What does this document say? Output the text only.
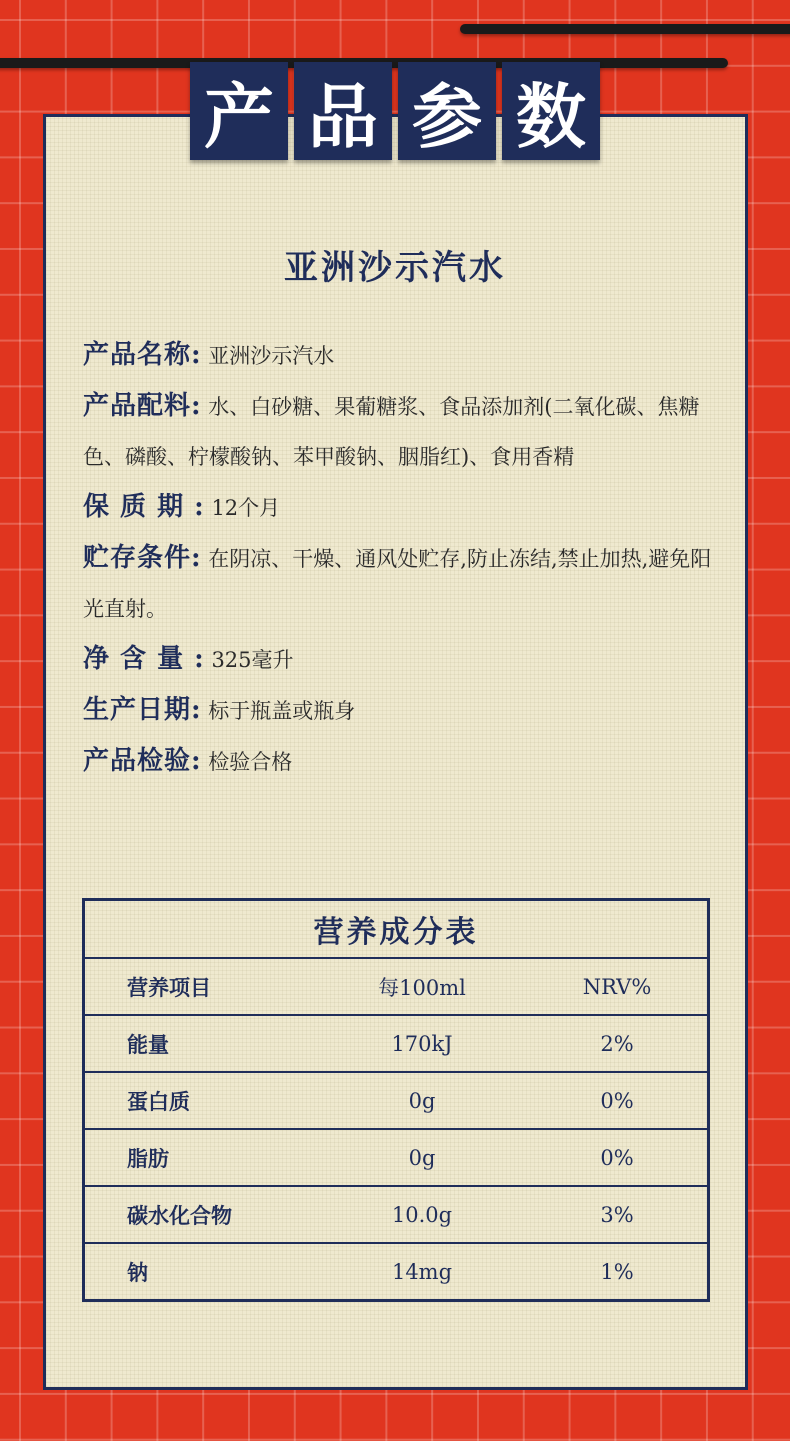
产 品 参 数
亚洲沙示汽水

产品名称: 亚洲沙示汽水

产品配料: 水、白砂糖、果葡糖浆、食品添加剂(二氧化碳、焦糖色、磷酸、柠檬酸钠、苯甲酸钠、胭脂红)、食用香精

保 质 期 : 12个月

贮存条件: 在阴凉、干燥、通风处贮存,防止冻结,禁止加热,避免阳光直射。

净 含 量 : 325毫升

生产日期: 标于瓶盖或瓶身

产品检验: 检验合格

营养成分表		
营养项目	每100ml	NRV%
能量	170kJ	2%
蛋白质	0g	0%
脂肪	0g	0%
碳水化合物	10.0g	3%
钠	14mg	1%
